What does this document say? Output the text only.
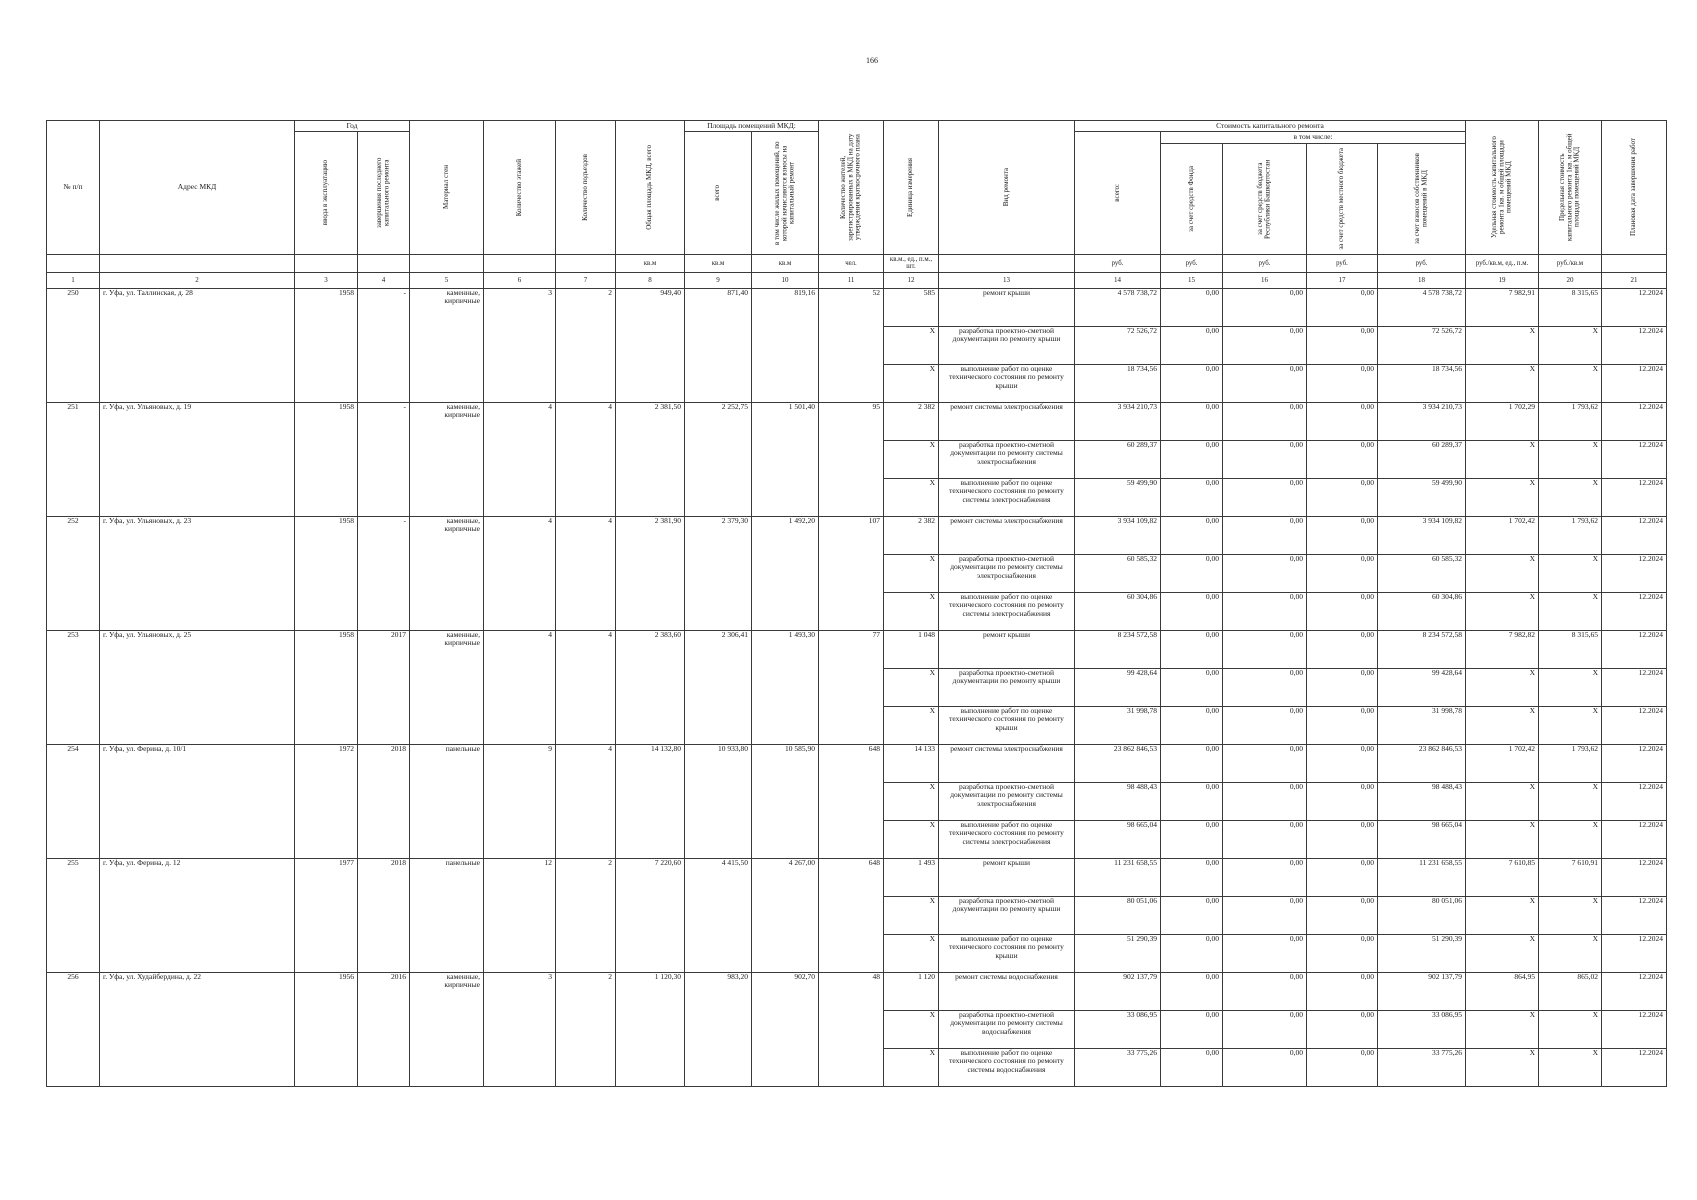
166
№ п/п	Адрес МКД	Год		Материал стен	Количество этажей	Количество подъездов	Общая площадь МКД, всего	Площадь помещений МКД:		Количество жителей, зарегистрированных в МКД на дату утверждения краткосрочного плана	Единица измерения	Вид ремонта	Стоимость капитального ремонта					Удельная стоимость капитального ремонта 1кв. м общей площади помещений МКД	Предельная стоимость капитального ремонта 1кв. м общей площади помещений МКД	Плановая дата завершения работ

		ввода в эксплуатацию	завершения последнего капитального ремонта					всего	в том числе жилых помещений, по которой начисляются взносы на капитальный ремонт				всего:	в том числе:						

														за счет средств Фонда	за счет средств бюджета Республики Башкортостан	за счет средств местного бюджета	за счет взносов собственников помещений в МКД			

							кв.м	кв.м	кв.м	чел.	кв.м., ед., п.м., шт.		руб.	руб.	руб.	руб.	руб.	руб./кв.м, ед., п.м.	руб./кв.м	
1	2	3	4	5	6	7	8	9	10	11	12	13	14	15	16	17	18	19	20	21
250	г. Уфа, ул. Таллинская, д. 28	1958	-	каменные, кирпичные	3	2	949,40	871,40	819,16	52	585	ремонт крыши	4 578 738,72	0,00	0,00	0,00	4 578 738,72	7 982,91	8 315,65	12.2024
											X	разработка проектно-сметной документации по ремонту крыши	72 526,72	0,00	0,00	0,00	72 526,72	X	X	12.2024
											X	выполнение работ по оценке технического состояния по ремонту крыши	18 734,56	0,00	0,00	0,00	18 734,56	X	X	12.2024
251	г. Уфа, ул. Ульяновых, д. 19	1958	-	каменные, кирпичные	4	4	2 381,50	2 252,75	1 501,40	95	2 382	ремонт системы электроснабжения	3 934 210,73	0,00	0,00	0,00	3 934 210,73	1 702,29	1 793,62	12.2024
											X	разработка проектно-сметной документации по ремонту системы электроснабжения	60 289,37	0,00	0,00	0,00	60 289,37	X	X	12.2024
											X	выполнение работ по оценке технического состояния по ремонту системы электроснабжения	59 499,90	0,00	0,00	0,00	59 499,90	X	X	12.2024
252	г. Уфа, ул. Ульяновых, д. 23	1958	-	каменные, кирпичные	4	4	2 381,90	2 379,30	1 492,20	107	2 382	ремонт системы электроснабжения	3 934 109,82	0,00	0,00	0,00	3 934 109,82	1 702,42	1 793,62	12.2024
											X	разработка проектно-сметной документации по ремонту системы электроснабжения	60 585,32	0,00	0,00	0,00	60 585,32	X	X	12.2024
											X	выполнение работ по оценке технического состояния по ремонту системы электроснабжения	60 304,86	0,00	0,00	0,00	60 304,86	X	X	12.2024
253	г. Уфа, ул. Ульяновых, д. 25	1958	2017	каменные, кирпичные	4	4	2 383,60	2 306,41	1 493,30	77	1 048	ремонт крыши	8 234 572,58	0,00	0,00	0,00	8 234 572,58	7 982,82	8 315,65	12.2024
											X	разработка проектно-сметной документации по ремонту крыши	99 428,64	0,00	0,00	0,00	99 428,64	X	X	12.2024
											X	выполнение работ по оценке технического состояния по ремонту крыши	31 998,78	0,00	0,00	0,00	31 998,78	X	X	12.2024
254	г. Уфа, ул. Ферина, д. 10/1	1972	2018	панельные	9	4	14 132,80	10 933,80	10 585,90	648	14 133	ремонт системы электроснабжения	23 862 846,53	0,00	0,00	0,00	23 862 846,53	1 702,42	1 793,62	12.2024
											X	разработка проектно-сметной документации по ремонту системы электроснабжения	98 488,43	0,00	0,00	0,00	98 488,43	X	X	12.2024
											X	выполнение работ по оценке технического состояния по ремонту системы электроснабжения	98 665,04	0,00	0,00	0,00	98 665,04	X	X	12.2024
255	г. Уфа, ул. Ферина, д. 12	1977	2018	панельные	12	2	7 220,60	4 415,50	4 267,00	648	1 493	ремонт крыши	11 231 658,55	0,00	0,00	0,00	11 231 658,55	7 610,85	7 610,91	12.2024
											X	разработка проектно-сметной документации по ремонту крыши	80 051,06	0,00	0,00	0,00	80 051,06	X	X	12.2024
											X	выполнение работ по оценке технического состояния по ремонту крыши	51 290,39	0,00	0,00	0,00	51 290,39	X	X	12.2024
256	г. Уфа, ул. Худайбердина, д. 22	1956	2016	каменные, кирпичные	3	2	1 120,30	983,20	902,70	48	1 120	ремонт системы водоснабжения	902 137,79	0,00	0,00	0,00	902 137,79	864,95	865,02	12.2024
											X	разработка проектно-сметной документации по ремонту системы водоснабжения	33 086,95	0,00	0,00	0,00	33 086,95	X	X	12.2024
											X	выполнение работ по оценке технического состояния по ремонту системы водоснабжения	33 775,26	0,00	0,00	0,00	33 775,26	X	X	12.2024
